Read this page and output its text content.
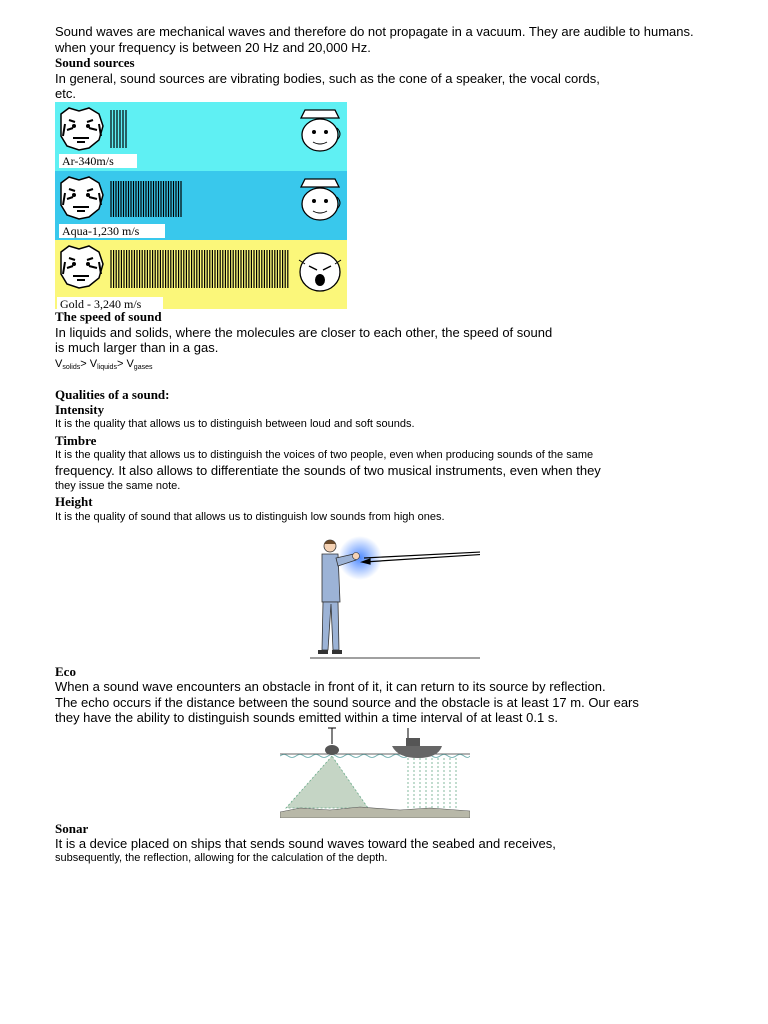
Sound waves are mechanical waves and therefore do not propagate in a vacuum. They are audible to humans.

when your frequency is between 20 Hz and 20,000 Hz.

Sound sources

In general, sound sources are vibrating bodies, such as the cone of a speaker, the vocal cords,

etc.

Ar-340m/s
Aqua-1,230 m/s
Gold - 3,240 m/s

The speed of sound

In liquids and solids, where the molecules are closer to each other, the speed of sound

is much larger than in a gas.

$V_{solids}> V_{liquids}> V_{gases}$

Qualities of a sound:

Intensity

It is the quality that allows us to distinguish between loud and soft sounds.

Timbre

It is the quality that allows us to distinguish the voices of two people, even when producing sounds of the same

frequency. It also allows to differentiate the sounds of two musical instruments, even when they

they issue the same note.

Height

It is the quality of sound that allows us to distinguish low sounds from high ones.

Eco

When a sound wave encounters an obstacle in front of it, it can return to its source by reflection.

The echo occurs if the distance between the sound source and the obstacle is at least 17 m. Our ears

they have the ability to distinguish sounds emitted within a time interval of at least 0.1 s.

Sonar

It is a device placed on ships that sends sound waves toward the seabed and receives,

subsequently, the reflection, allowing for the calculation of the depth.
